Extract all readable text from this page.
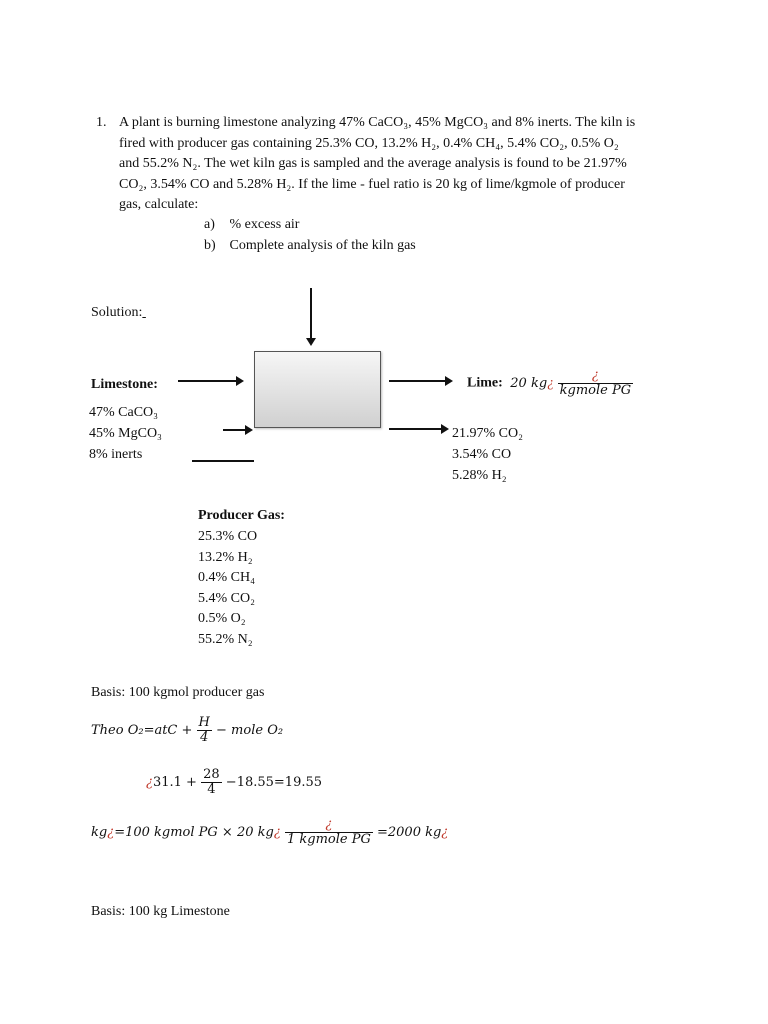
1. A plant is burning limestone analyzing 47% CaCO₃, 45% MgCO₃ and 8% inerts. The kiln is
fired with producer gas containing 25.3% CO, 13.2% H₂, 0.4% CH₄, 5.4% CO₂, 0.5% O₂
and 55.2% N₂. The wet kiln gas is sampled and the average analysis is found to be 21.97%
CO₂, 3.54% CO and 5.28% H₂. If the lime - fuel ratio is 20 kg of lime/kgmole of producer
gas, calculate:
a) % excess air
b) Complete analysis of the kiln gas
Solution:
Limestone:
47% CaCO₃
45% MgCO₃
8% inerts
Lime: 20 kg¿ $\frac{¿}{\text{kgmole PG}}$
21.97% CO₂
3.54% CO
5.28% H₂
Producer Gas:
25.3% CO
13.2% H₂
0.4% CH₄
5.4% CO₂
0.5% O₂
55.2% N₂
Basis: 100 kgmol producer gas
Theo $O_2=atC + \frac{H}{4}$ − mole O₂
¿$31.1 + \frac{28}{4} -18.55=19.55$
kg¿=100 kgmol PG × 20 kg¿ $\frac{¿}{\text{1 kgmole PG}} =2000$ kg¿
Basis: 100 kg Limestone
